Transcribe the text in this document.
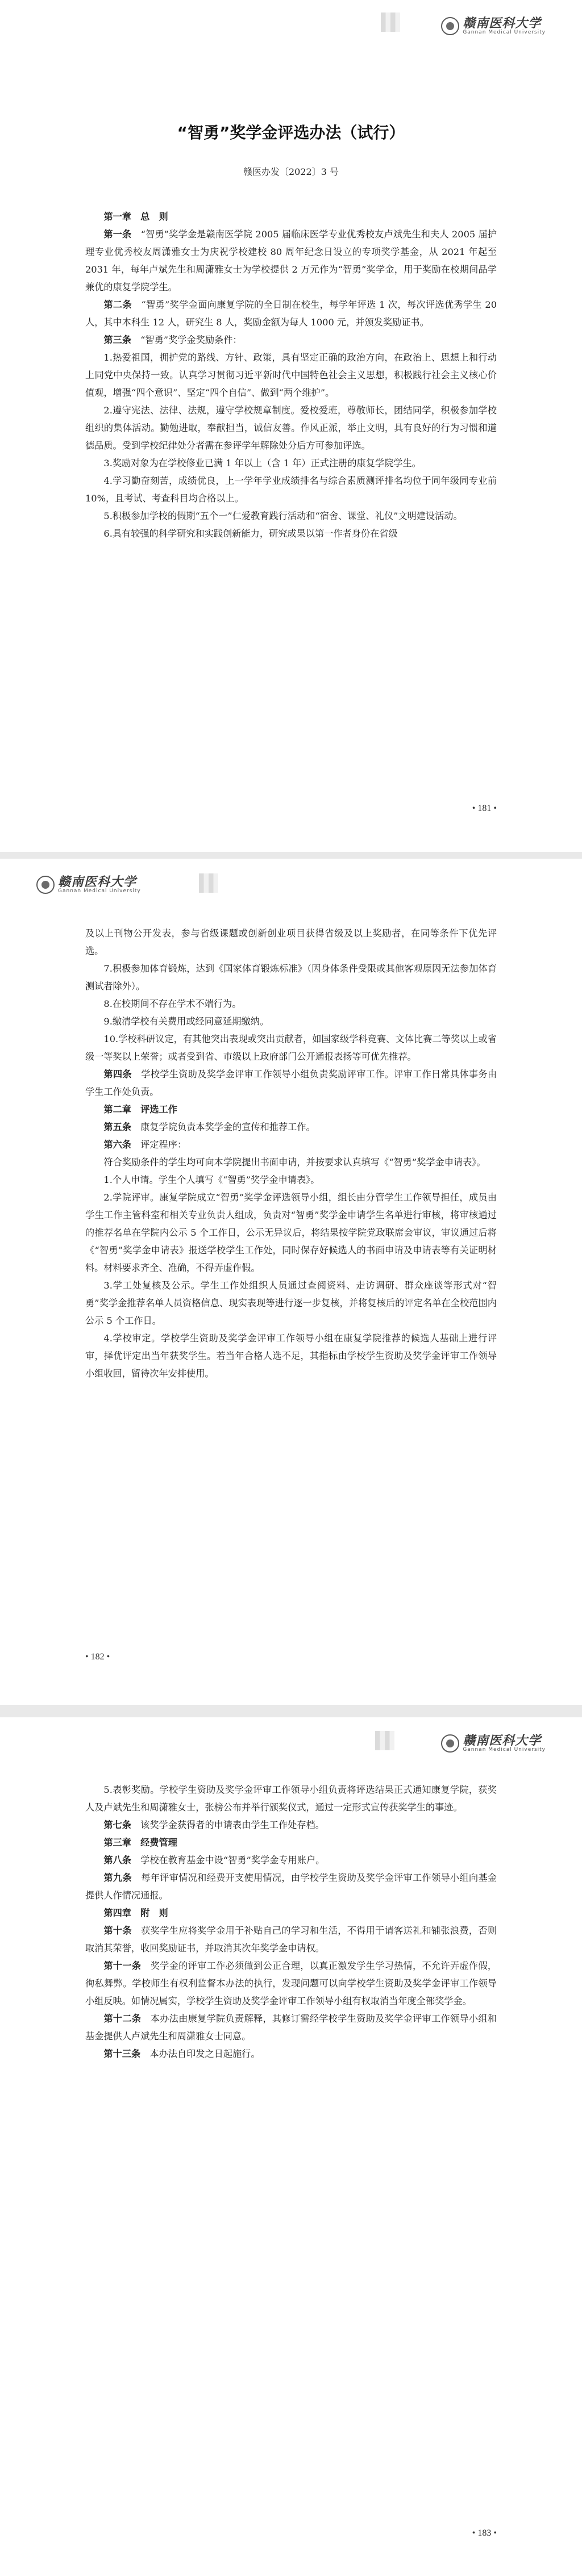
赣南医科大学
Gannan Medical University
“智勇”奖学金评选办法（试行）
赣医办发〔2022〕3 号

第一章　总　则

第一条　“智勇”奖学金是赣南医学院 2005 届临床医学专业优秀校友卢斌先生和夫人 2005 届护理专业优秀校友周潇雅女士为庆祝学校建校 80 周年纪念日设立的专项奖学基金，从 2021 年起至 2031 年，每年卢斌先生和周潇雅女士为学校提供 2 万元作为“智勇”奖学金，用于奖励在校期间品学兼优的康复学院学生。

第二条　“智勇”奖学金面向康复学院的全日制在校生，每学年评选 1 次，每次评选优秀学生 20 人，其中本科生 12 人，研究生 8 人，奖励金额为每人 1000 元，并颁发奖励证书。

第三条　“智勇”奖学金奖励条件：

1.热爱祖国，拥护党的路线、方针、政策，具有坚定正确的政治方向，在政治上、思想上和行动上同党中央保持一致。认真学习贯彻习近平新时代中国特色社会主义思想，积极践行社会主义核心价值观，增强“四个意识”、坚定“四个自信”、做到“两个维护”。

2.遵守宪法、法律、法规，遵守学校规章制度。爱校爱班，尊敬师长，团结同学，积极参加学校组织的集体活动。勤勉进取，奉献担当，诚信友善。作风正派，举止文明，具有良好的行为习惯和道德品质。受到学校纪律处分者需在参评学年解除处分后方可参加评选。

3.奖励对象为在学校修业已满 1 年以上（含 1 年）正式注册的康复学院学生。

4.学习勤奋刻苦，成绩优良，上一学年学业成绩排名与综合素质测评排名均位于同年级同专业前 10%，且考试、考查科目均合格以上。

5.积极参加学校的假期“五个一”仁爱教育践行活动和“宿舍、课堂、礼仪”文明建设活动。

6.具有较强的科学研究和实践创新能力，研究成果以第一作者身份在省级

• 181 •
赣南医科大学
Gannan Medical University

及以上刊物公开发表，参与省级课题或创新创业项目获得省级及以上奖励者，在同等条件下优先评选。

7.积极参加体育锻炼，达到《国家体育锻炼标准》（因身体条件受限或其他客观原因无法参加体育测试者除外）。

8.在校期间不存在学术不端行为。

9.缴清学校有关费用或经同意延期缴纳。

10.学校科研议定，有其他突出表现或突出贡献者，如国家级学科竞赛、文体比赛二等奖以上或省级一等奖以上荣誉；或者受到省、市级以上政府部门公开通报表扬等可优先推荐。

第四条　学校学生资助及奖学金评审工作领导小组负责奖励评审工作。评审工作日常具体事务由学生工作处负责。

第二章　评选工作

第五条　康复学院负责本奖学金的宣传和推荐工作。

第六条　评定程序：

符合奖励条件的学生均可向本学院提出书面申请，并按要求认真填写《“智勇”奖学金申请表》。

1.个人申请。学生个人填写《“智勇”奖学金申请表》。

2.学院评审。康复学院成立“智勇”奖学金评选领导小组，组长由分管学生工作领导担任，成员由学生工作主管科室和相关专业负责人组成，负责对“智勇”奖学金申请学生名单进行审核，将审核通过的推荐名单在学院内公示 5 个工作日，公示无异议后，将结果按学院党政联席会审议，审议通过后将《“智勇”奖学金申请表》报送学校学生工作处，同时保存好候选人的书面申请及申请表等有关证明材料。材料要求齐全、准确，不得弄虚作假。

3.学工处复核及公示。学生工作处组织人员通过查阅资料、走访调研、群众座谈等形式对“智勇”奖学金推荐名单人员资格信息、现实表现等进行逐一步复核，并将复核后的评定名单在全校范围内公示 5 个工作日。

4.学校审定。学校学生资助及奖学金评审工作领导小组在康复学院推荐的候选人基础上进行评审，择优评定出当年获奖学生。若当年合格人选不足，其指标由学校学生资助及奖学金评审工作领导小组收回，留待次年安排使用。

• 182 •
赣南医科大学
Gannan Medical University

5.表彰奖励。学校学生资助及奖学金评审工作领导小组负责将评选结果正式通知康复学院，获奖人及卢斌先生和周潇雅女士，张榜公布并举行颁奖仪式，通过一定形式宣传获奖学生的事迹。

第七条　该奖学金获得者的申请表由学生工作处存档。

第三章　经费管理

第八条　学校在教育基金中设“智勇”奖学金专用账户。

第九条　每年评审情况和经费开支使用情况，由学校学生资助及奖学金评审工作领导小组向基金提供人作情况通报。

第四章　附　则

第十条　获奖学生应将奖学金用于补贴自己的学习和生活，不得用于请客送礼和铺张浪费，否则取消其荣誉，收回奖励证书，并取消其次年奖学金申请权。

第十一条　奖学金的评审工作必须做到公正合理，以真正激发学生学习热情，不允许弄虚作假，徇私舞弊。学校师生有权利监督本办法的执行，发现问题可以向学校学生资助及奖学金评审工作领导小组反映。如情况属实，学校学生资助及奖学金评审工作领导小组有权取消当年度全部奖学金。

第十二条　本办法由康复学院负责解释，其修订需经学校学生资助及奖学金评审工作领导小组和基金提供人卢斌先生和周潇雅女士同意。

第十三条　本办法自印发之日起施行。

• 183 •
